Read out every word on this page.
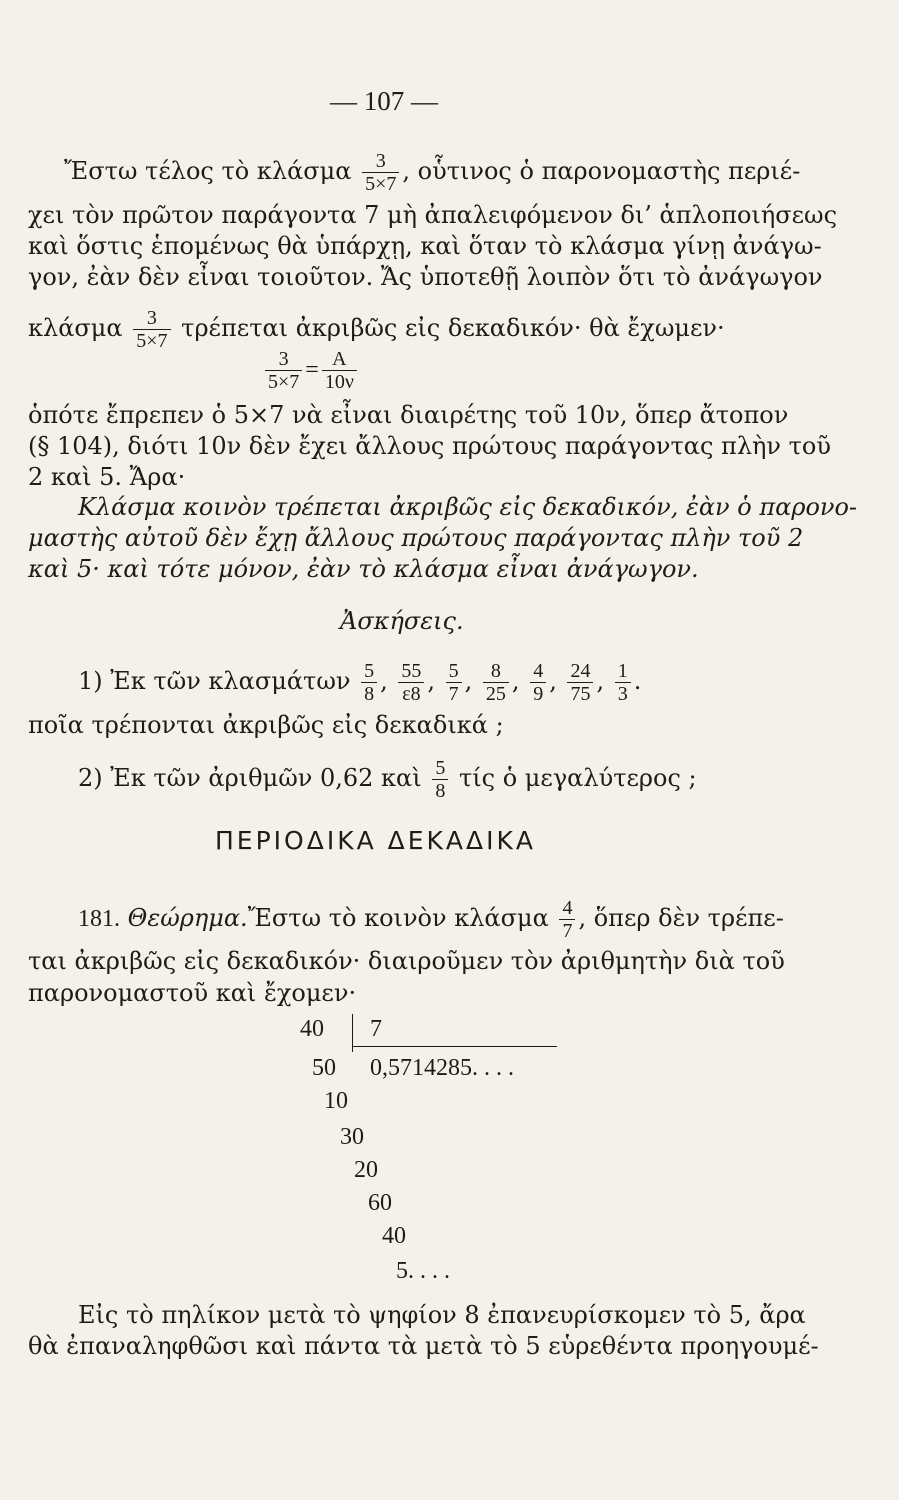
— 107 —
Ἔστω τέλος τὸ κλάσμα $\frac{3}{5\times 7}$ , οὗτινος ὁ παρονομαστὴς περιέ-
χει τὸν πρῶτον παράγοντα 7 μὴ ἀπαλειφόμενον δι’ ἁπλοποιήσεως
καὶ ὅστις ἑπομένως θὰ ὑπάρχῃ, καὶ ὅταν τὸ κλάσμα γίνῃ ἀνάγω-
γον, ἐὰν δὲν εἶναι τοιοῦτον. Ἄς ὑποτεθῇ λοιπὸν ὅτι τὸ ἀνάγωγον
κλάσμα $\frac{3}{5\times 7}$ τρέπεται ἀκριβῶς εἰς δεκαδικόν· θὰ ἔχωμεν·
$\frac{3}{5\times 7} = \frac{A}{10\nu}$
ὁπότε ἔπρεπεν ὁ 5×7 νὰ εἶναι διαιρέτης τοῦ 10ν, ὅπερ ἄτοπον
(§ 104), διότι 10ν δὲν ἔχει ἄλλους πρώτους παράγοντας πλὴν τοῦ
2 καὶ 5. Ἄρα·
Κλάσμα κοινὸν τρέπεται ἀκριβῶς εἰς δεκαδικόν, ἐὰν ὁ παρονο-
μαστὴς αὐτοῦ δὲν ἔχῃ ἄλλους πρώτους παράγοντας πλὴν τοῦ 2
καὶ 5· καὶ τότε μόνον, ἐὰν τὸ κλάσμα εἶναι ἀνάγωγον.
Ἀσκήσεις.
1) Ἐκ τῶν κλασμάτων $\frac{5}{8}$ , $\frac{55}{\varepsilon 8}$ , $\frac{5}{7}$ , $\frac{8}{25}$ , $\frac{4}{9}$ , $\frac{24}{75}$ , $\frac{1}{3}$ .
ποῖα τρέπονται ἀκριβῶς εἰς δεκαδικά ;
2) Ἐκ τῶν ἀριθμῶν 0,62 καὶ $\frac{5}{8}$ τίς ὁ μεγαλύτερος ;
ΠΕΡΙΟΔΙΚΑ ΔΕΚΑΔΙΚΑ
181. Θεώρημα.Ἔστω τὸ κοινὸν κλάσμα $\frac{4}{7}$ , ὅπερ δὲν τρέπε-
ται ἀκριβῶς εἰς δεκαδικόν· διαιροῦμεν τὸν ἀριθμητὴν διὰ τοῦ
παρονομαστοῦ καὶ ἔχομεν·
40 7
0,5714285. . . .
50
10
30
20
60
40
5. . . .
Εἰς τὸ πηλίκον μετὰ τὸ ψηφίον 8 ἐπανευρίσκομεν τὸ 5, ἄρα
θὰ ἐπαναληφθῶσι καὶ πάντα τὰ μετὰ τὸ 5 εὑρεθέντα προηγουμέ-
